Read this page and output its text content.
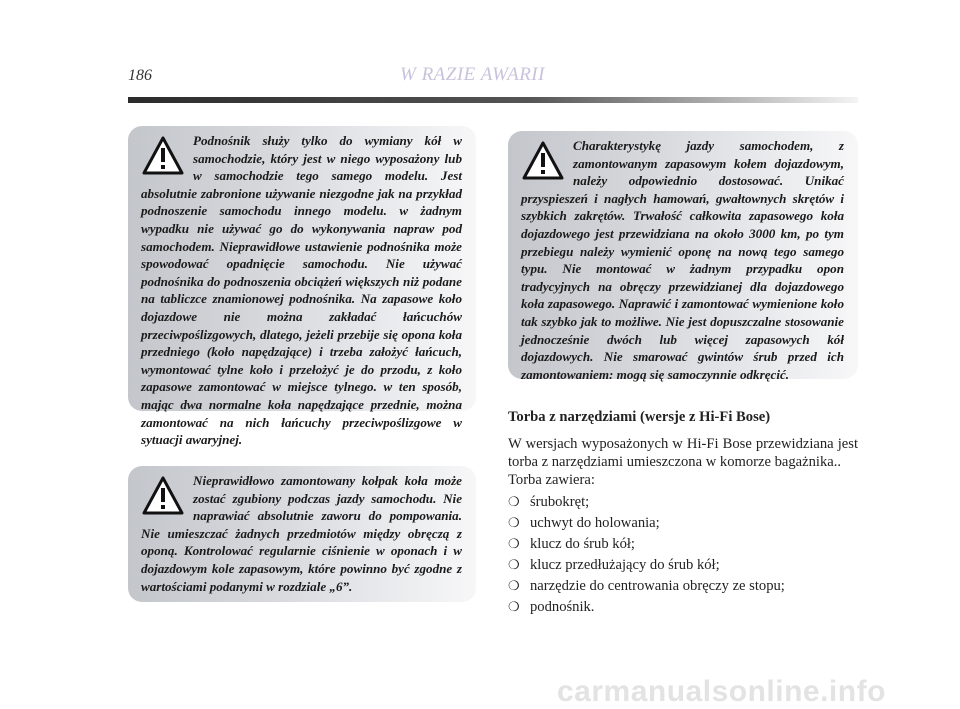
186	W RAZIE AWARII
Podnośnik służy tylko do wymiany kół w samochodzie, który jest w niego wyposażony lub w samochodzie tego samego modelu. Jest absolutnie zabronione używanie niezgodne jak na przykład podnoszenie samochodu innego modelu. w żadnym wypadku nie używać go do wykonywania napraw pod samochodem. Nieprawidłowe ustawienie podnośnika może spowodować opadnięcie samochodu. Nie używać podnośnika do podnoszenia obciążeń większych niż podane na tabliczce znamionowej podnośnika. Na zapasowe koło dojazdowe nie można zakładać łańcuchów przeciwpoślizgowych, dlatego, jeżeli przebije się opona koła przedniego (koło napędzające) i trzeba założyć łańcuch, wymontować tylne koło i przełożyć je do przodu, z koło zapasowe zamontować w miejsce tylnego. w ten sposób, mając dwa normalne koła napędzające przednie, można zamontować na nich łańcuchy przeciwpoślizgowe w sytuacji awaryjnej.
Nieprawidłowo zamontowany kołpak koła może zostać zgubiony podczas jazdy samochodu. Nie naprawiać absolutnie zaworu do pompowania. Nie umieszczać żadnych przedmiotów między obręczą z oponą. Kontrolować regularnie ciśnienie w oponach i w dojazdowym kole zapasowym, które powinno być zgodne z wartościami podanymi w rozdziale „6”.
Charakterystykę jazdy samochodem, z zamontowanym zapasowym kołem dojazdowym, należy odpowiednio dostosować. Unikać przyspieszeń i nagłych hamowań, gwałtownych skrętów i szybkich zakrętów. Trwałość całkowita zapasowego koła dojazdowego jest przewidziana na około 3000 km, po tym przebiegu należy wymienić oponę na nową tego samego typu. Nie montować w żadnym przypadku opon tradycyjnych na obręczy przewidzianej dla dojazdowego koła zapasowego. Naprawić i zamontować wymienione koło tak szybko jak to możliwe. Nie jest dopuszczalne stosowanie jednocześnie dwóch lub więcej zapasowych kół dojazdowych. Nie smarować gwintów śrub przed ich zamontowaniem: mogą się samoczynnie odkręcić.
Torba z narzędziami (wersje z Hi-Fi Bose)

W wersjach wyposażonych w Hi-Fi Bose przewidziana jest torba z narzędziami umieszczona w komorze bagażnika..

Torba zawiera:

❍ śrubokręt;
❍ uchwyt do holowania;
❍ klucz do śrub kół;
❍ klucz przedłużający do śrub kół;
❍ narzędzie do centrowania obręczy ze stopu;
❍ podnośnik.
carmanualsonline.info
